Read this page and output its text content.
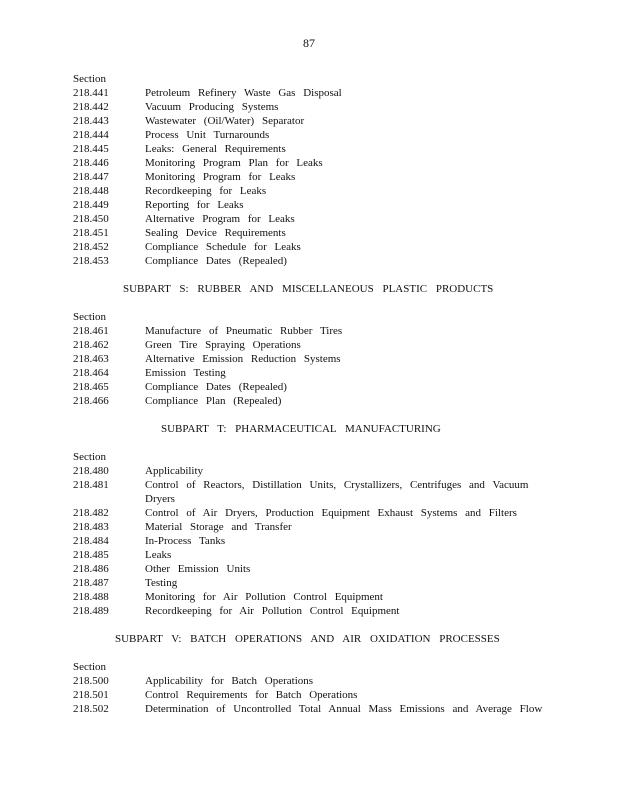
87
Section
218.441	Petroleum Refinery Waste Gas Disposal
218.442	Vacuum Producing Systems
218.443	Wastewater (Oil/Water) Separator
218.444	Process Unit Turnarounds
218.445	Leaks: General Requirements
218.446	Monitoring Program Plan for Leaks
218.447	Monitoring Program for Leaks
218.448	Recordkeeping for Leaks
218.449	Reporting for Leaks
218.450	Alternative Program for Leaks
218.451	Sealing Device Requirements
218.452	Compliance Schedule for Leaks
218.453	Compliance Dates (Repealed)
SUBPART S: RUBBER AND MISCELLANEOUS PLASTIC PRODUCTS
Section
218.461	Manufacture of Pneumatic Rubber Tires
218.462	Green Tire Spraying Operations
218.463	Alternative Emission Reduction Systems
218.464	Emission Testing
218.465	Compliance Dates (Repealed)
218.466	Compliance Plan (Repealed)
SUBPART T: PHARMACEUTICAL MANUFACTURING
Section
218.480	Applicability
218.481	Control of Reactors, Distillation Units, Crystallizers, Centrifuges and Vacuum Dryers
218.482	Control of Air Dryers, Production Equipment Exhaust Systems and Filters
218.483	Material Storage and Transfer
218.484	In-Process Tanks
218.485	Leaks
218.486	Other Emission Units
218.487	Testing
218.488	Monitoring for Air Pollution Control Equipment
218.489	Recordkeeping for Air Pollution Control Equipment
SUBPART V: BATCH OPERATIONS AND AIR OXIDATION PROCESSES
Section
218.500	Applicability for Batch Operations
218.501	Control Requirements for Batch Operations
218.502	Determination of Uncontrolled Total Annual Mass Emissions and Average Flow
